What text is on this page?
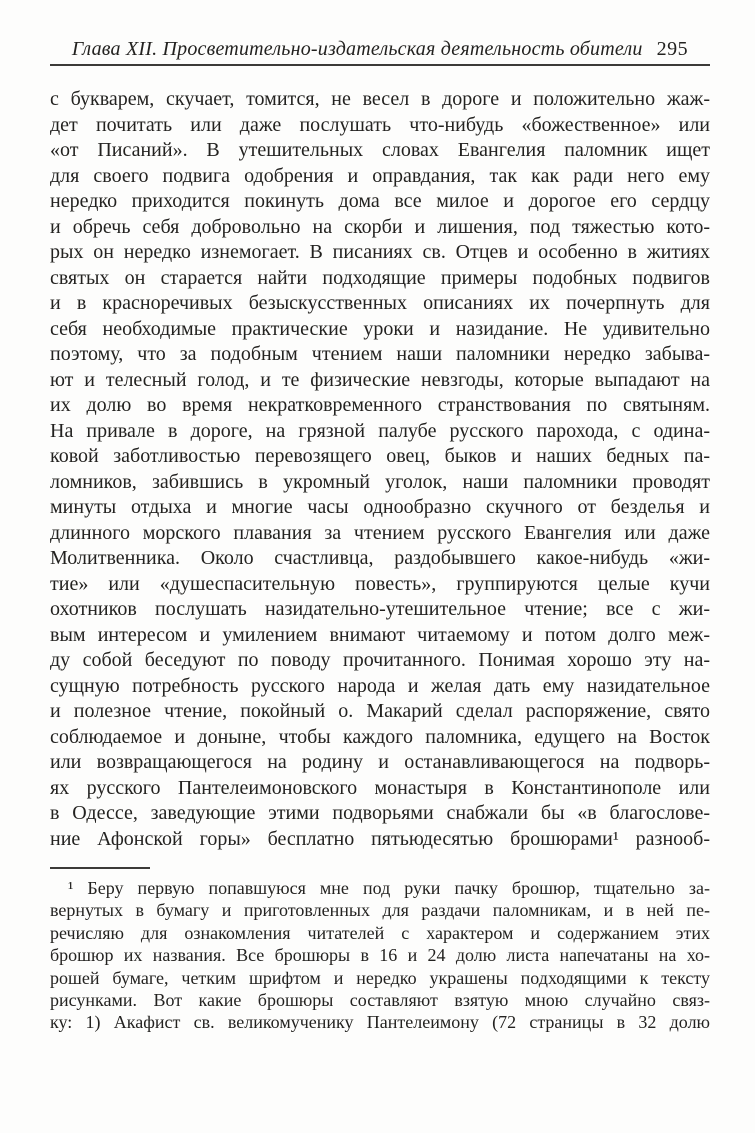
Глава XII. Просветительно-издательская деятельность обители 295
с букварем, скучает, томится, не весел в дороге и положительно жаж-
дет почитать или даже послушать что-нибудь «божественное» или
«от Писаний». В утешительных словах Евангелия паломник ищет
для своего подвига одобрения и оправдания, так как ради него ему
нередко приходится покинуть дома все милое и дорогое его сердцу
и обречь себя добровольно на скорби и лишения, под тяжестью кото-
рых он нередко изнемогает. В писаниях св. Отцев и особенно в житиях
святых он старается найти подходящие примеры подобных подвигов
и в красноречивых безыскусственных описаниях их почерпнуть для
себя необходимые практические уроки и назидание. Не удивительно
поэтому, что за подобным чтением наши паломники нередко забыва-
ют и телесный голод, и те физические невзгоды, которые выпадают на
их долю во время некратковременного странствования по святыням.
На привале в дороге, на грязной палубе русского парохода, с одина-
ковой заботливостью перевозящего овец, быков и наших бедных па-
ломников, забившись в укромный уголок, наши паломники проводят
минуты отдыха и многие часы однообразно скучного от безделья и
длинного морского плавания за чтением русского Евангелия или даже
Молитвенника. Около счастливца, раздобывшего какое-нибудь «жи-
тие» или «душеспасительную повесть», группируются целые кучи
охотников послушать назидательно-утешительное чтение; все с жи-
вым интересом и умилением внимают читаемому и потом долго меж-
ду собой беседуют по поводу прочитанного. Понимая хорошо эту на-
сущную потребность русского народа и желая дать ему назидательное
и полезное чтение, покойный о. Макарий сделал распоряжение, свято
соблюдаемое и доныне, чтобы каждого паломника, едущего на Восток
или возвращающегося на родину и останавливающегося на подворь-
ях русского Пантелеимоновского монастыря в Константинополе или
в Одессе, заведующие этими подворьями снабжали бы «в благослове-
ние Афонской горы» бесплатно пятьюдесятью брошюрами¹ разнооб-
¹ Беру первую попавшуюся мне под руки пачку брошюр, тщательно за-
вернутых в бумагу и приготовленных для раздачи паломникам, и в ней пе-
речисляю для ознакомления читателей с характером и содержанием этих
брошюр их названия. Все брошюры в 16 и 24 долю листа напечатаны на хо-
рошей бумаге, четким шрифтом и нередко украшены подходящими к тексту
рисунками. Вот какие брошюры составляют взятую мною случайно связ-
ку: 1) Акафист св. великомученику Пантелеимону (72 страницы в 32 долю
